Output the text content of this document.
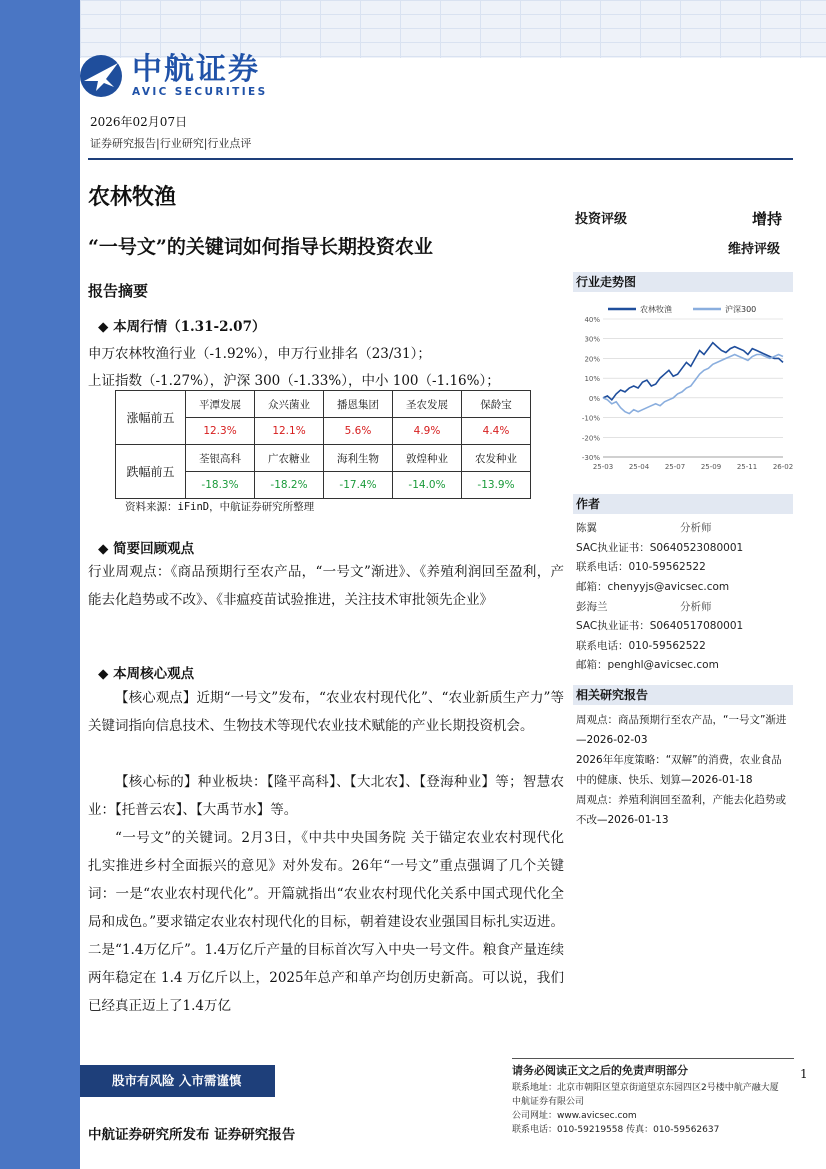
中航证券
AVIC SECURITIES
2026年02月07日
证券研究报告|行业研究|行业点评
农林牧渔
投资评级	增持
维持评级
“一号文”的关键词如何指导长期投资农业
报告摘要
◆ 本周行情（1.31-2.07）
申万农林牧渔行业（-1.92%），申万行业排名（23/31）；
上证指数（-1.27%），沪深 300（-1.33%），中小 100（-1.16%）；
涨幅前五	平潭发展	众兴菌业	播恩集团	圣农发展	保龄宝
	12.3%	12.1%	5.6%	4.9%	4.4%
跌幅前五	荃银高科	广农糖业	海利生物	敦煌种业	农发种业
	-18.3%	-18.2%	-17.4%	-14.0%	-13.9%
资料来源：iFinD，中航证券研究所整理
◆ 简要回顾观点
行业周观点：《商品预期行至农产品，“一号文”渐进》、《养殖利润回至盈利，产能去化趋势或不改》、《非瘟疫苗试验推进，关注技术审批领先企业》
◆ 本周核心观点
【核心观点】近期“一号文”发布，“农业农村现代化”、“农业新质生产力”等关键词指向信息技术、生物技术等现代农业技术赋能的产业长期投资机会。
【核心标的】种业板块：【隆平高科】、【大北农】、【登海种业】等；智慧农业：【托普云农】、【大禹节水】等。
“一号文”的关键词。2月3日，《中共中央国务院 关于锚定农业农村现代化 扎实推进乡村全面振兴的意见》对外发布。26年“一号文”重点强调了几个关键词：一是“农业农村现代化”。开篇就指出“农业农村现代化关系中国式现代化全局和成色。”要求锚定农业农村现代化的目标，朝着建设农业强国目标扎实迈进。二是“1.4万亿斤”。1.4万亿斤产量的目标首次写入中央一号文件。粮食产量连续两年稳定在 1.4 万亿斤以上，2025年总产和单产均创历史新高。可以说，我们已经真正迈上了1.4万亿
行业走势图
40%
30%
20%
10%
0%
-10%
-20%
-30%
25-03 25-04 25-07 25-09 25-11 26-02
农林牧渔	沪深300
作者
陈翼	分析师
SAC执业证书：S0640523080001
联系电话：010-59562522
邮箱：chenyyjs@avicsec.com
彭海兰	分析师
SAC执业证书：S0640517080001
联系电话：010-59562522
邮箱：penghl@avicsec.com
相关研究报告
周观点：商品预期行至农产品，“一号文”渐进—2026-02-03
2026年年度策略：“双解”的消费，农业食品中的健康、快乐、划算—2026-01-18
周观点：养殖利润回至盈利，产能去化趋势或不改—2026-01-13
股市有风险 入市需谨慎
请务必阅读正文之后的免责声明部分
联系地址：北京市朝阳区望京街道望京东园四区2号楼中航产融大厦
中航证券有限公司
公司网址：www.avicsec.com
联系电话：010-59219558 传真：010-59562637
1
中航证券研究所发布 证券研究报告
